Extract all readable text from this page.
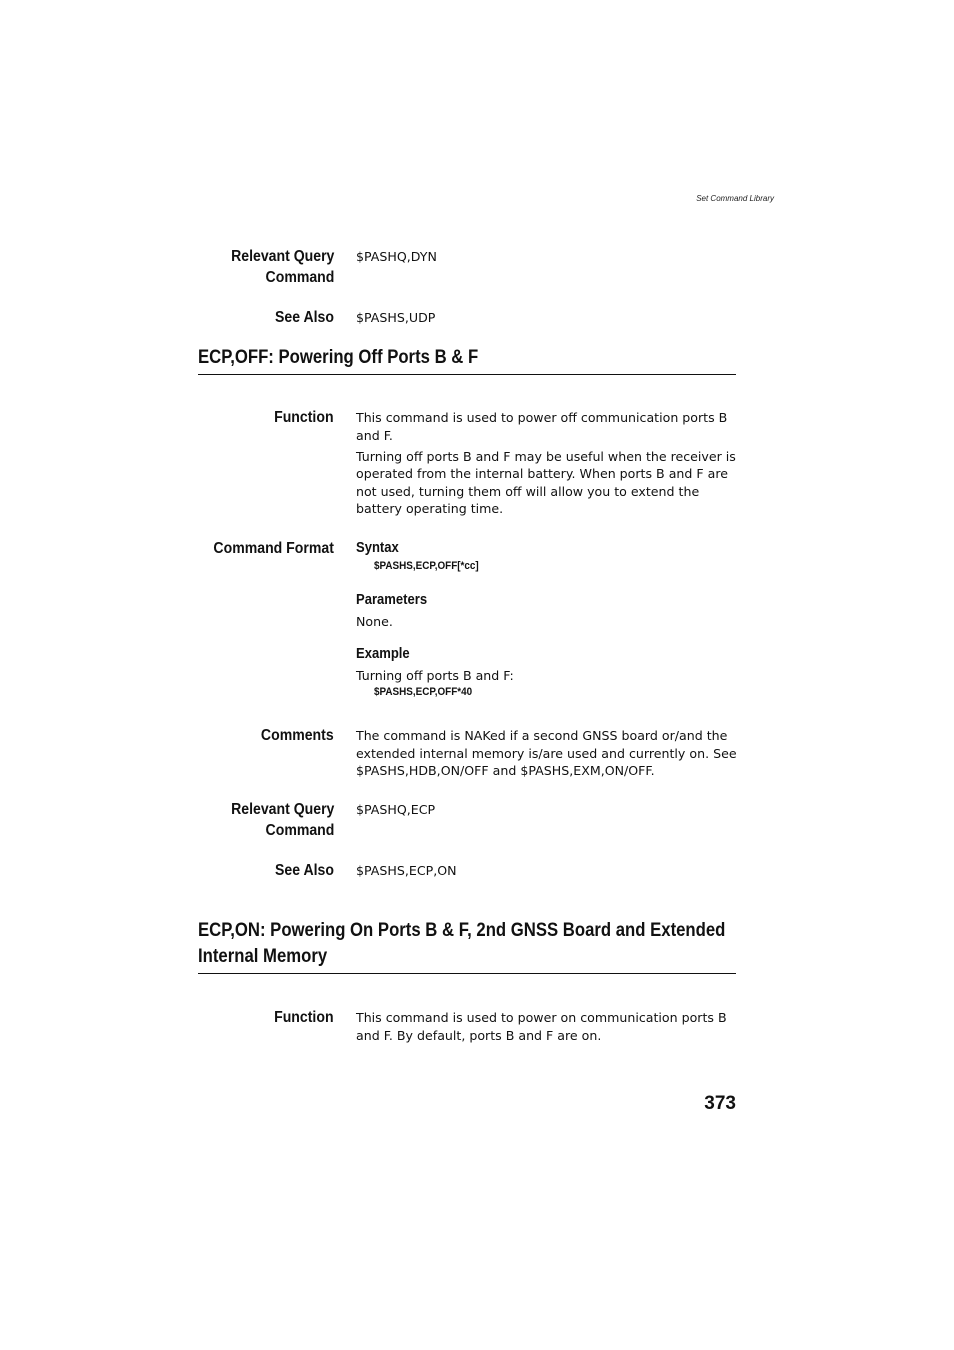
Set Command Library
Relevant Query
Command
$PASHQ,DYN
See Also $PASHS,UDP
ECP,OFF: Powering Off Ports B & F
Function This command is used to power off communication ports B and F.

Turning off ports B and F may be useful when the receiver is operated from the internal battery. When ports B and F are not used, turning them off will allow you to extend the battery operating time.

Command Format Syntax
$PASHS,ECP,OFF[*cc]
Parameters
None.
Example
Turning off ports B and F:
$PASHS,ECP,OFF*40
Comments The command is NAKed if a second GNSS board or/and the extended internal memory is/are used and currently on. See $PASHS,HDB,ON/OFF and $PASHS,EXM,ON/OFF.
Relevant Query
Command
$PASHQ,ECP
See Also $PASHS,ECP,ON
ECP,ON: Powering On Ports B & F, 2nd GNSS Board and Extended
Internal Memory
Function This command is used to power on communication ports B and F. By default, ports B and F are on.
373
